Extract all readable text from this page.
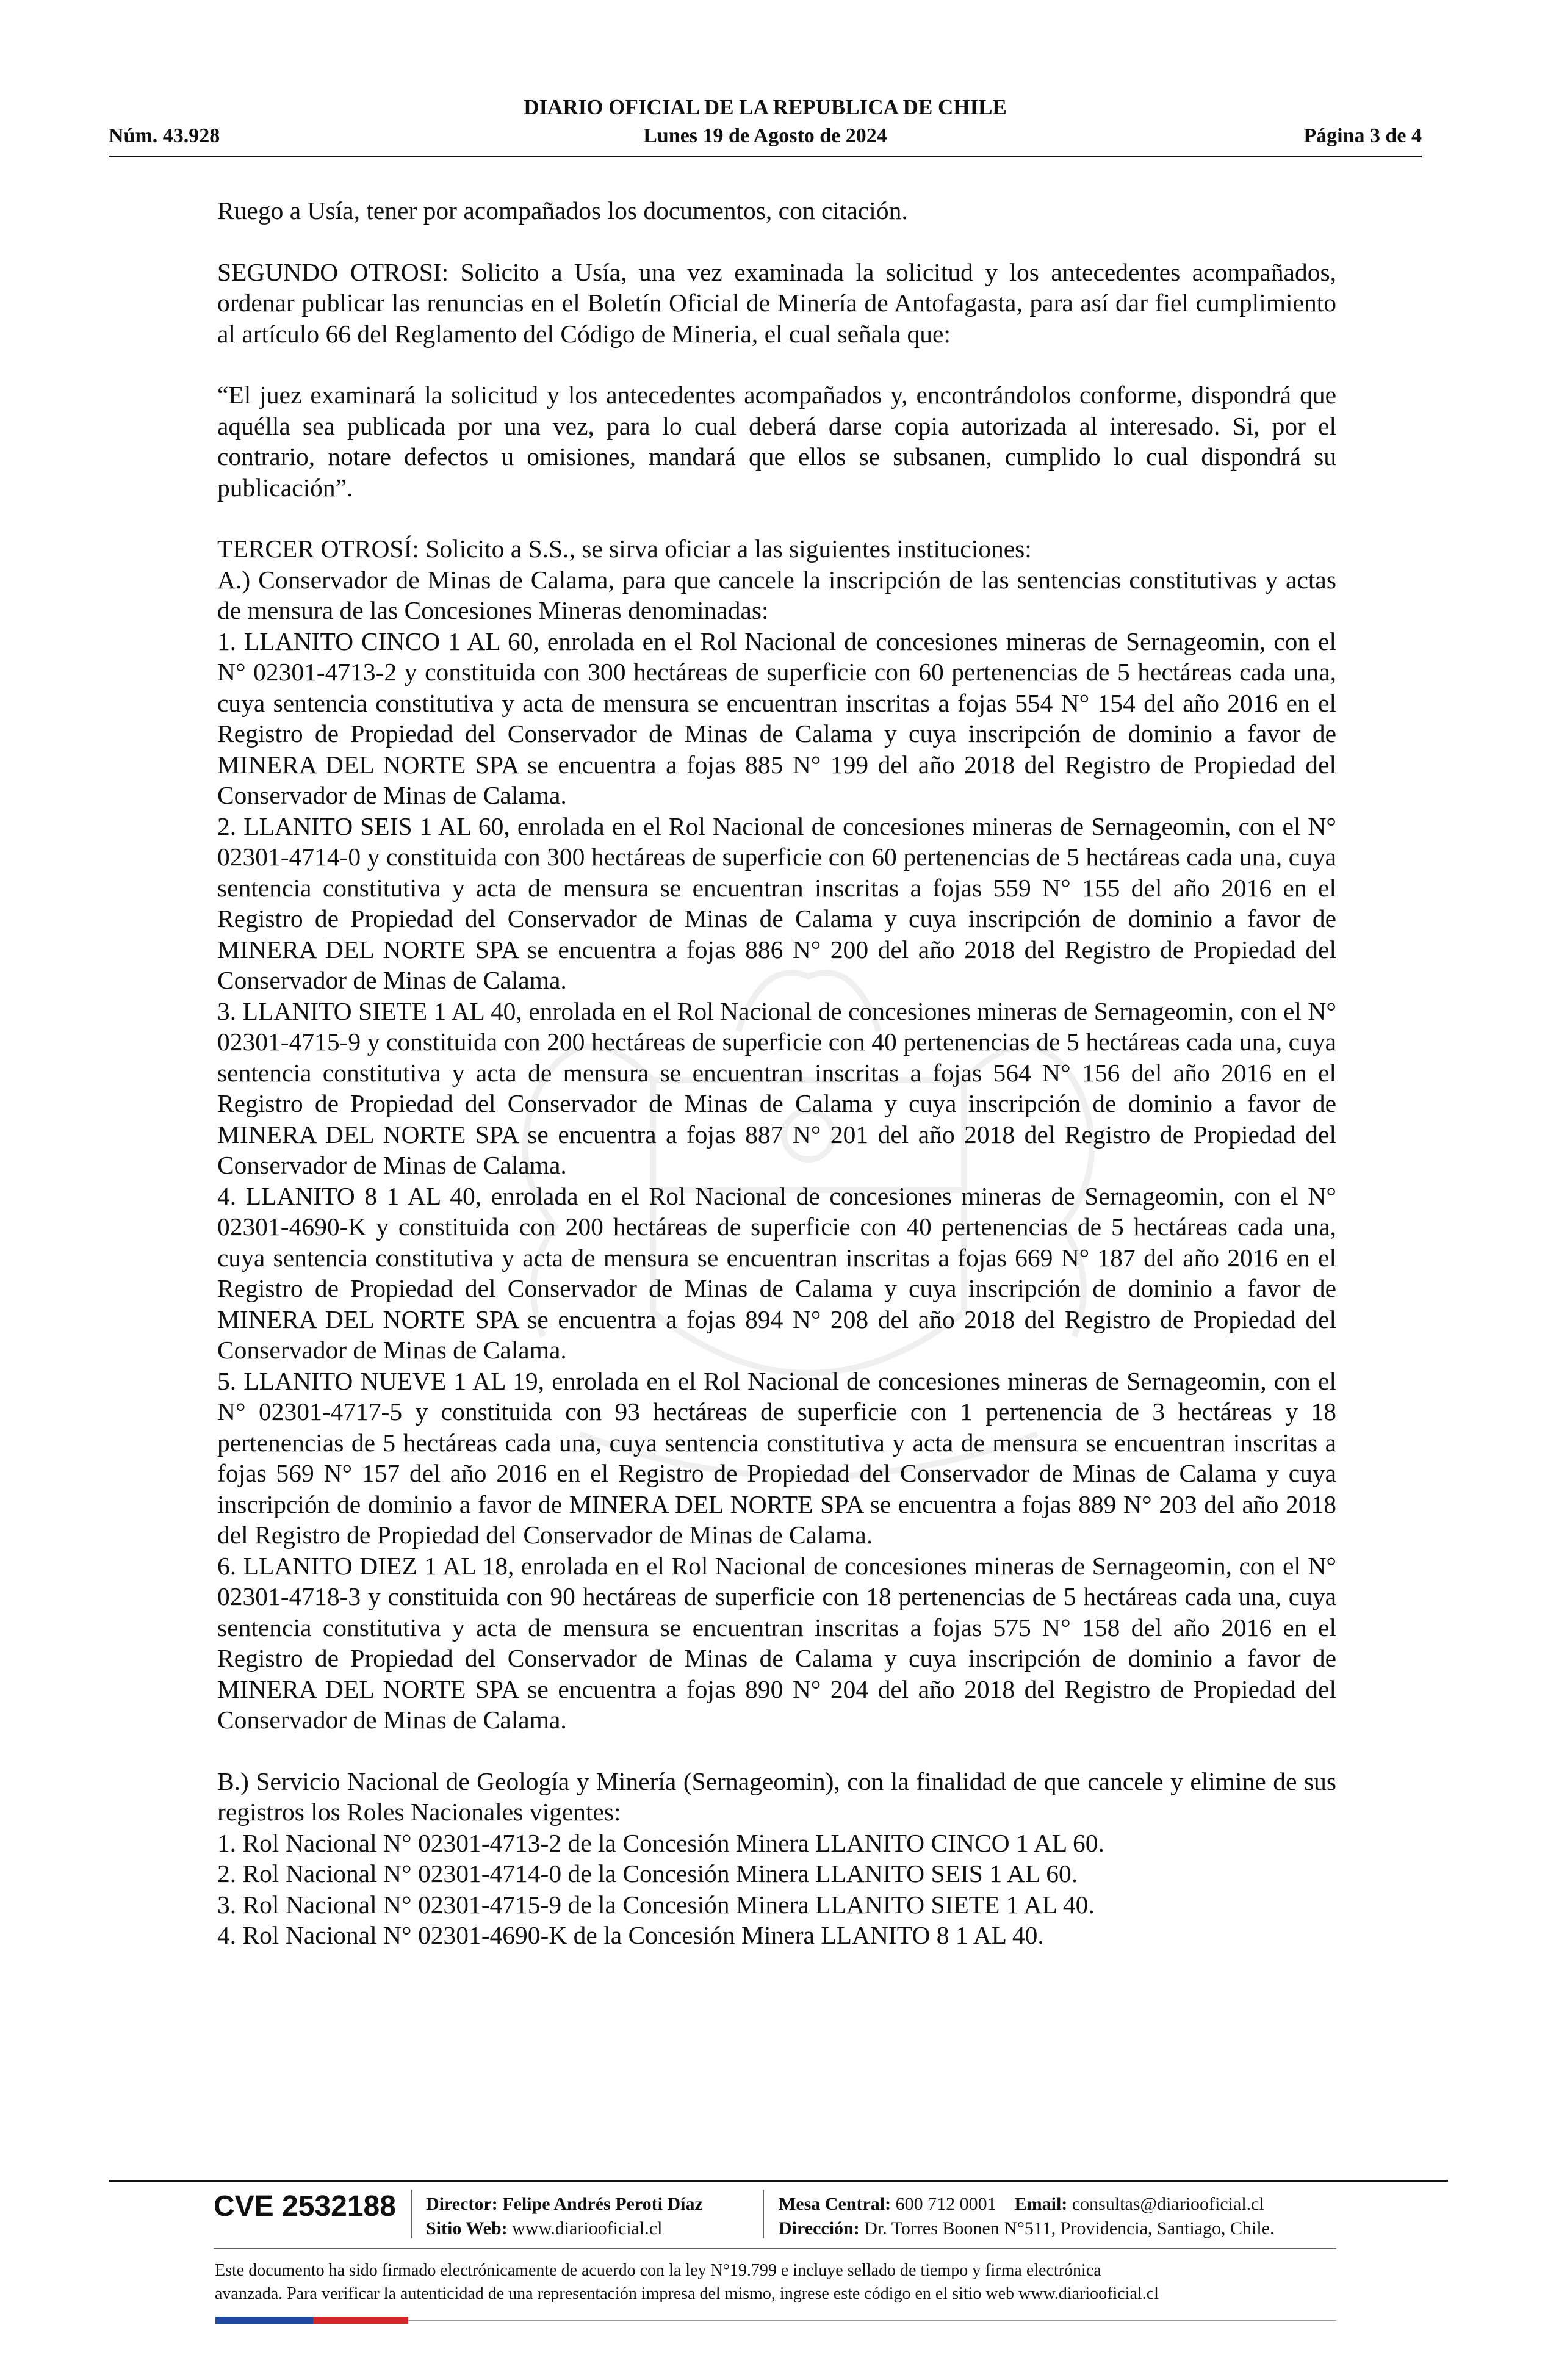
DIARIO OFICIAL DE LA REPUBLICA DE CHILE
Núm. 43.928	Lunes 19 de Agosto de 2024	Página 3 de 4

Ruego a Usía, tener por acompañados los documentos, con citación.

SEGUNDO OTROSI: Solicito a Usía, una vez examinada la solicitud y los antecedentes acompañados, ordenar publicar las renuncias en el Boletín Oficial de Minería de Antofagasta, para así dar fiel cumplimiento al artículo 66 del Reglamento del Código de Mineria, el cual señala que:

“El juez examinará la solicitud y los antecedentes acompañados y, encontrándolos conforme, dispondrá que aquélla sea publicada por una vez, para lo cual deberá darse copia autorizada al interesado. Si, por el contrario, notare defectos u omisiones, mandará que ellos se subsanen, cumplido lo cual dispondrá su publicación”.

TERCER OTROSÍ: Solicito a S.S., se sirva oficiar a las siguientes instituciones:

A.) Conservador de Minas de Calama, para que cancele la inscripción de las sentencias constitutivas y actas de mensura de las Concesiones Mineras denominadas:

1. LLANITO CINCO 1 AL 60, enrolada en el Rol Nacional de concesiones mineras de Sernageomin, con el N° 02301-4713-2 y constituida con 300 hectáreas de superficie con 60 pertenencias de 5 hectáreas cada una, cuya sentencia constitutiva y acta de mensura se encuentran inscritas a fojas 554 N° 154 del año 2016 en el Registro de Propiedad del Conservador de Minas de Calama y cuya inscripción de dominio a favor de MINERA DEL NORTE SPA se encuentra a fojas 885 N° 199 del año 2018 del Registro de Propiedad del Conservador de Minas de Calama.

2. LLANITO SEIS 1 AL 60, enrolada en el Rol Nacional de concesiones mineras de Sernageomin, con el N° 02301-4714-0 y constituida con 300 hectáreas de superficie con 60 pertenencias de 5 hectáreas cada una, cuya sentencia constitutiva y acta de mensura se encuentran inscritas a fojas 559 N° 155 del año 2016 en el Registro de Propiedad del Conservador de Minas de Calama y cuya inscripción de dominio a favor de MINERA DEL NORTE SPA se encuentra a fojas 886 N° 200 del año 2018 del Registro de Propiedad del Conservador de Minas de Calama.

3. LLANITO SIETE 1 AL 40, enrolada en el Rol Nacional de concesiones mineras de Sernageomin, con el N° 02301-4715-9 y constituida con 200 hectáreas de superficie con 40 pertenencias de 5 hectáreas cada una, cuya sentencia constitutiva y acta de mensura se encuentran inscritas a fojas 564 N° 156 del año 2016 en el Registro de Propiedad del Conservador de Minas de Calama y cuya inscripción de dominio a favor de MINERA DEL NORTE SPA se encuentra a fojas 887 N° 201 del año 2018 del Registro de Propiedad del Conservador de Minas de Calama.

4. LLANITO 8 1 AL 40, enrolada en el Rol Nacional de concesiones mineras de Sernageomin, con el N° 02301-4690-K y constituida con 200 hectáreas de superficie con 40 pertenencias de 5 hectáreas cada una, cuya sentencia constitutiva y acta de mensura se encuentran inscritas a fojas 669 N° 187 del año 2016 en el Registro de Propiedad del Conservador de Minas de Calama y cuya inscripción de dominio a favor de MINERA DEL NORTE SPA se encuentra a fojas 894 N° 208 del año 2018 del Registro de Propiedad del Conservador de Minas de Calama.

5. LLANITO NUEVE 1 AL 19, enrolada en el Rol Nacional de concesiones mineras de Sernageomin, con el N° 02301-4717-5 y constituida con 93 hectáreas de superficie con 1 pertenencia de 3 hectáreas y 18 pertenencias de 5 hectáreas cada una, cuya sentencia constitutiva y acta de mensura se encuentran inscritas a fojas 569 N° 157 del año 2016 en el Registro de Propiedad del Conservador de Minas de Calama y cuya inscripción de dominio a favor de MINERA DEL NORTE SPA se encuentra a fojas 889 N° 203 del año 2018 del Registro de Propiedad del Conservador de Minas de Calama.

6. LLANITO DIEZ 1 AL 18, enrolada en el Rol Nacional de concesiones mineras de Sernageomin, con el N° 02301-4718-3 y constituida con 90 hectáreas de superficie con 18 pertenencias de 5 hectáreas cada una, cuya sentencia constitutiva y acta de mensura se encuentran inscritas a fojas 575 N° 158 del año 2016 en el Registro de Propiedad del Conservador de Minas de Calama y cuya inscripción de dominio a favor de MINERA DEL NORTE SPA se encuentra a fojas 890 N° 204 del año 2018 del Registro de Propiedad del Conservador de Minas de Calama.

B.) Servicio Nacional de Geología y Minería (Sernageomin), con la finalidad de que cancele y elimine de sus registros los Roles Nacionales vigentes:

1. Rol Nacional N° 02301-4713-2 de la Concesión Minera LLANITO CINCO 1 AL 60.

2. Rol Nacional N° 02301-4714-0 de la Concesión Minera LLANITO SEIS 1 AL 60.

3. Rol Nacional N° 02301-4715-9 de la Concesión Minera LLANITO SIETE 1 AL 40.

4. Rol Nacional N° 02301-4690-K de la Concesión Minera LLANITO 8 1 AL 40.

CVE 2532188 Director: Felipe Andrés Peroti Díaz
Sitio Web: www.diariooficial.cl
Mesa Central: 600 712 0001 Email: consultas@diariooficial.cl
Dirección: Dr. Torres Boonen N°511, Providencia, Santiago, Chile.
Este documento ha sido firmado electrónicamente de acuerdo con la ley N°19.799 e incluye sellado de tiempo y firma electrónica
avanzada. Para verificar la autenticidad de una representación impresa del mismo, ingrese este código en el sitio web www.diariooficial.cl
